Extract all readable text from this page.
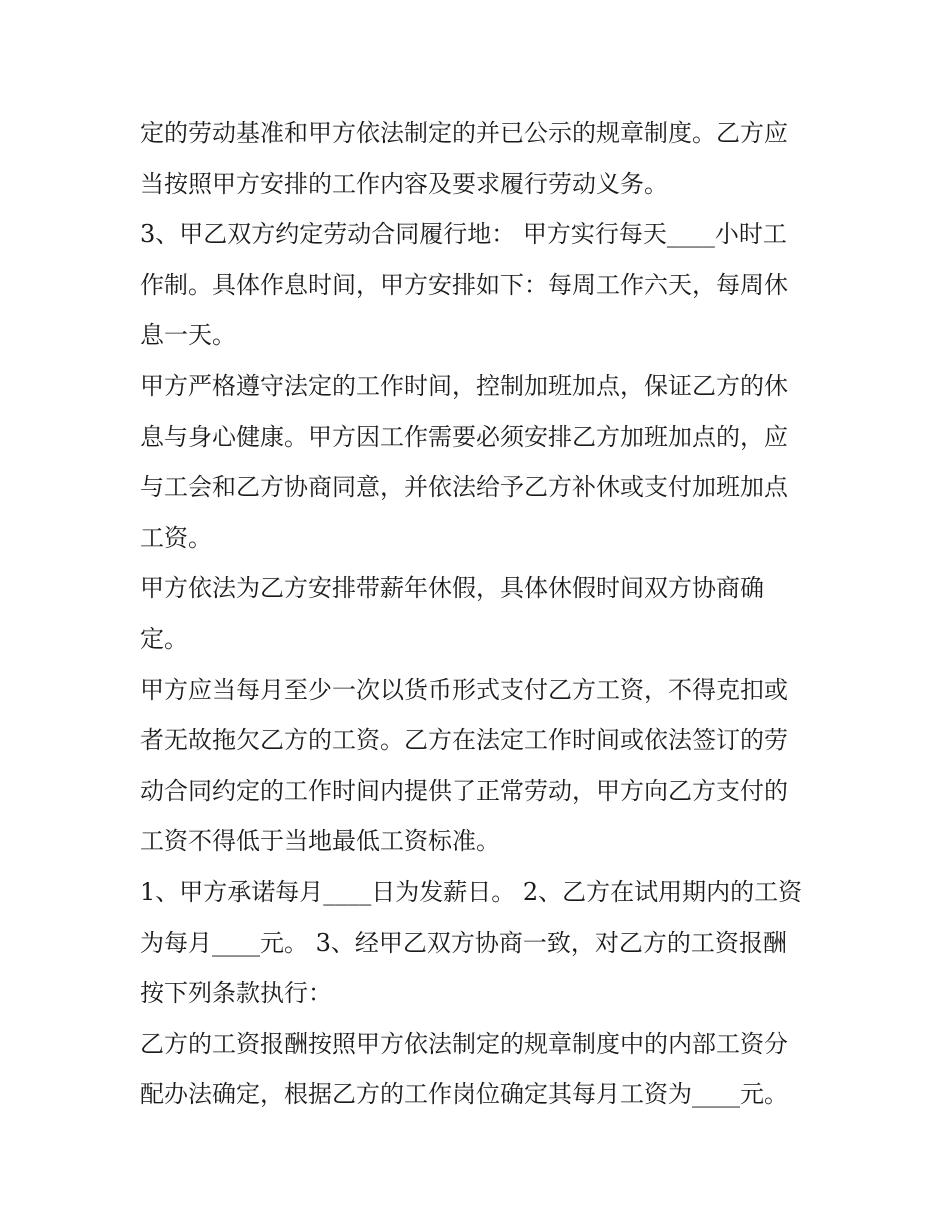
定的劳动基准和甲方依法制定的并已公示的规章制度。乙方应
当按照甲方安排的工作内容及要求履行劳动义务。
3、甲乙双方约定劳动合同履行地： 甲方实行每天____小时工
作制。具体作息时间，甲方安排如下：每周工作六天，每周休
息一天。
甲方严格遵守法定的工作时间，控制加班加点，保证乙方的休
息与身心健康。甲方因工作需要必须安排乙方加班加点的，应
与工会和乙方协商同意，并依法给予乙方补休或支付加班加点
工资。
甲方依法为乙方安排带薪年休假，具体休假时间双方协商确
定。
甲方应当每月至少一次以货币形式支付乙方工资，不得克扣或
者无故拖欠乙方的工资。乙方在法定工作时间或依法签订的劳
动合同约定的工作时间内提供了正常劳动，甲方向乙方支付的
工资不得低于当地最低工资标准。
1、甲方承诺每月____日为发薪日。 2、乙方在试用期内的工资
为每月____元。 3、经甲乙双方协商一致，对乙方的工资报酬
按下列条款执行：
乙方的工资报酬按照甲方依法制定的规章制度中的内部工资分
配办法确定，根据乙方的工作岗位确定其每月工资为____元。
